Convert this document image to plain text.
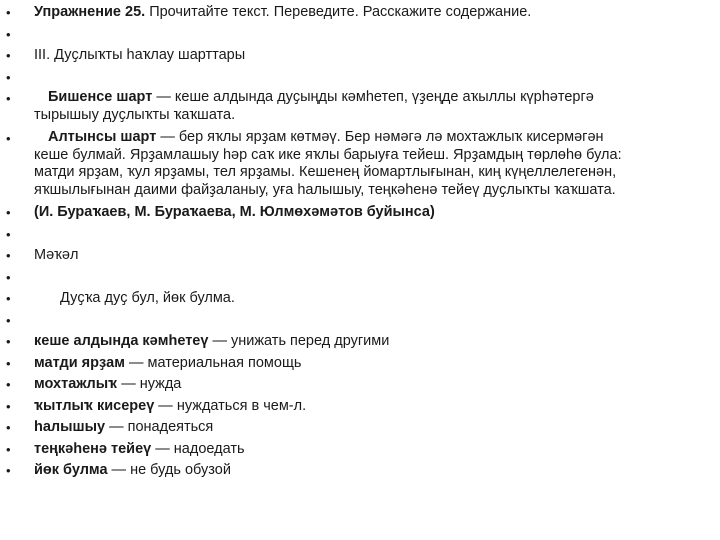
• Упражнение 25. Прочитайте текст. Переведите. Расскажите содержание.
•
• III. Дуҫлыҡты һаҡлау шарттары
•
•	Бишенсе шарт — кеше алдында дуҫыңды кәмһетеп, үҙеңде аҡыллы күрһәтергә
тырышыу дуҫлыҡты ҡаҡшата.
•	Алтынсы шарт — бер яҡлы ярҙам көтмәү. Бер нәмәгә лә мохтажлыҡ кисермәгән
кеше булмай. Ярҙамлашыу һәр саҡ ике яҡлы барыуға тейеш. Ярҙамдың төрлөһө була:
матди ярҙам, ҡул ярҙамы, тел ярҙамы. Кешенең йомартлығынан, киң күңеллелегенән,
яҡшылығынан даими файҙаланыу, уға һалышыу, теңкәһенә тейеү дуҫлыҡты ҡаҡшата.
• (И. Бураҡаев, М. Бураҡаева, М. Юлмөхәмәтов буйынса)
•
• Мәҡәл
•
•	Дуҫҡа дуҫ бул, йөк булма.
•
• кеше алдында кәмһетеү — унижать перед другими
• матди ярҙам — материальная помощь
• мохтажлыҡ — нужда
• ҡытлыҡ кисереү — нуждаться в чем-л.
• һалышыу — понадеяться
• теңкәһенә тейеү — надоедать
• йөк булма — не будь обузой
